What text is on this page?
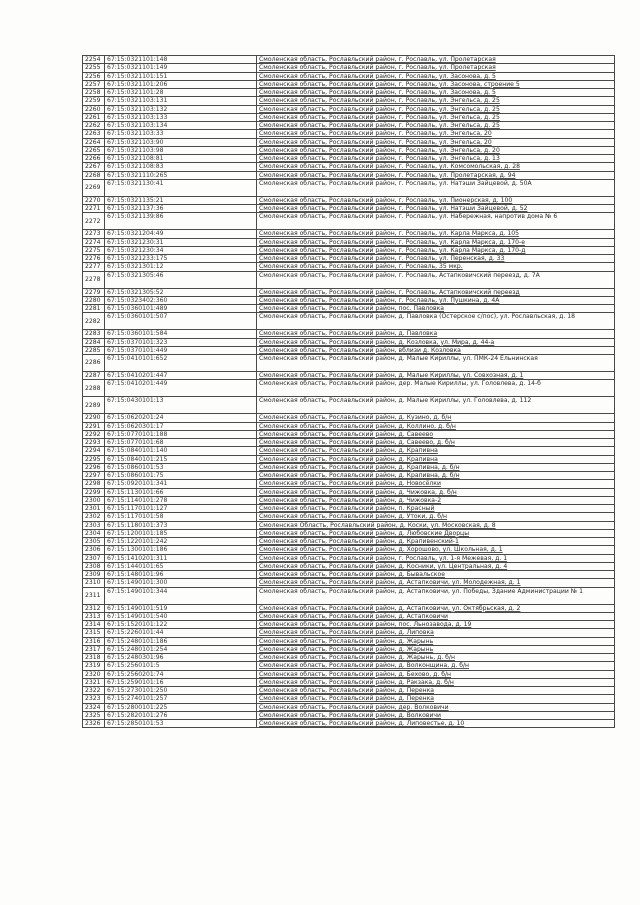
2254	67:15:0321101:148	Смоленская область, Рославльский район, г. Рославль, ул. Пролетарская
2255	67:15:0321101:149	Смоленская область, Рославльский район, г. Рославль, ул. Пролетарская
2256	67:15:0321101:151	Смоленская область, Рославльский район, г. Рославль, ул. Засонова, д. 5
2257	67:15:0321101:206	Смоленская область, Рославльский район, г. Рославль, ул. Засонова, строение 5
2258	67:15:0321101:28	Смоленская область, Рославльский район, г. Рославль, ул. Засонова, д. 5
2259	67:15:0321103:131	Смоленская область, Рославльский район, г. Рославль, ул. Энгельса, д. 25
2260	67:15:0321103:132	Смоленская область, Рославльский район, г. Рославль, ул. Энгельса, д. 25
2261	67:15:0321103:133	Смоленская область, Рославльский район, г. Рославль, ул. Энгельса, д. 25
2262	67:15:0321103:134	Смоленская область, Рославльский район, г. Рославль, ул. Энгельса, д. 25
2263	67:15:0321103:33	Смоленская область, Рославльский район, г. Рославль, ул. Энгельса, 20
2264	67:15:0321103:90	Смоленская область, Рославльский район, г. Рославль, ул. Энгельса, 20
2265	67:15:0321103:98	Смоленская область, Рославльский район, г. Рославль, ул. Энгельса, д. 20
2266	67:15:0321108:81	Смоленская область, Рославльский район, г. Рославль, ул. Энгельса, д. 13
2267	67:15:0321108:83	Смоленская область, Рославльский район, г. Рославль, ул. Комсомольская, д. 28
2268	67:15:0321110:265	Смоленская область, Рославльский район, г. Рославль, ул. Пролетарская, д. 94
2269	67:15:0321130:41	Смоленская область, Рославльский район, г. Рославль, ул. Натэши Зайцевой, д. 50А
2270	67:15:0321135:21	Смоленская область, Рославльский район, г. Рославль, ул. Пионерская, д. 100
2271	67:15:0321137:36	Смоленская область, Рославльский район, г. Рославль, ул. Натэши Зайцевой, д. 52
2272	67:15:0321139:86	Смоленская область, Рославльский район, г. Рославль, ул. Набережная, напротив дома № 6
2273	67:15:0321204:49	Смоленская область, Рославльский район, г. Рославль, ул. Карла Маркса, д. 105
2274	67:15:0321230:31	Смоленская область, Рославльский район, г. Рославль, ул. Карла Маркса, д. 170-е
2275	67:15:0321230:34	Смоленская область, Рославльский район, г. Рославль, ул. Карла Маркса, д. 170-д
2276	67:15:0321233:175	Смоленская область, Рославльский район, г. Рославль, ул. Перенская, д. 33
2277	67:15:0321301:12	Смоленская область, Рославльский район, г. Рославль, 35 мкр.
2278	67:15:0321305:46	Смоленская область, Рославльский район, г. Рославль, Астапковичский переезд, д. 7А
2279	67:15:0321305:52	Смоленская область, Рославльский район, г. Рославль, Астапковичский переезд
2280	67:15:0323402:360	Смоленская область, Рославльский район, г. Рославль, ул. Пушкина, д. 4А
2281	67:15:0360101:489	Смоленская область, Рославльский район, пос. Павловка
2282	67:15:0360101:507	Смоленская область, Рославльский район, д. Павловка (Остерское с/пос), ул. Рославльская, д. 18
2283	67:15:0360101:584	Смоленская область, Рославльский район, д. Павловка
2284	67:15:0370101:323	Смоленская область, Рославльский район, д. Козловка, ул. Мира, д. 44-а
2285	67:15:0370101:449	Смоленская область, Рославльский район, вблизи д. Козловка
2286	67:15:0410101:652	Смоленская область, Рославльский район, д. Малые Кириллы, ул. ПМК-24 Ельнинская
2287	67:15:0410201:447	Смоленская область, Рославльский район, д. Малые Кириллы, ул. Совхозная, д. 1
2288	67:15:0410201:449	Смоленская область, Рославльский район, дер. Малые Кириллы, ул. Головлева, д. 14-б
2289	67:15:0430101:13	Смоленская область, Рославльский район, д. Малые Кириллы, ул. Головлева, д. 112
2290	67:15:0620201:24	Смоленская область, Рославльский район, д. Кузино, д. б/н
2291	67:15:0620301:17	Смоленская область, Рославльский район, д. Коллино, д. б/н
2292	67:15:0770101:188	Смоленская область, Рославльский район, д. Савеево
2293	67:15:0770101:68	Смоленская область, Рославльский район, д. Савеево, д. б/н
2294	67:15:0840101:140	Смоленская область, Рославльский район, д. Крапивна
2295	67:15:0840101:215	Смоленская область, Рославльский район, д. Крапивна
2296	67:15:0860101:53	Смоленская область, Рославльский район, д. Крапивна, д. б/н
2297	67:15:0860101:75	Смоленская область, Рославльский район, д. Крапивна, д. б/н
2298	67:15:0920101:341	Смоленская область, Рославльский район, д. Новосёлки
2299	67:15:1130101:66	Смоленская область, Рославльский район, д. Чижовка, д. б/н
2300	67:15:1140101:278	Смоленская область, Рославльский район, д. Чижовка-2
2301	67:15:1170101:127	Смоленская область, Рославльский район, п. Красный
2302	67:15:1170101:58	Смоленская область, Рославльский район, д. Утоки, д. б/н
2303	67:15:1180101:373	Смоленская Область, Рославльский район, д. Коски, ул. Московская, д. 8
2304	67:15:1200101:185	Смоленская область, Рославльский район, д. Любовские Дворцы
2305	67:15:1220101:242	Смоленская область, Рославльский район, д. Крапивенский-1
2306	67:15:1300101:186	Смоленская область, Рославльский район, д. Хорошово, ул. Школьная, д. 1
2307	67:15:1410201:311	Смоленская область, Рославльский район, г. Рославль, ул. 1-я Межевая, д. 1
2308	67:15:1440101:65	Смоленская область, Рославльский район, д. Косники, ул. Центральная, д. 4
2309	67:15:1480101:96	Смоленская область, Рославльский район, д. Бывальское
2310	67:15:1490101:300	Смоленская область, Рославльский район, д. Астапковичи, ул. Молодежная, д. 1
2311	67:15:1490101:344	Смоленская область, Рославльский район, д. Астапковичи, ул. Победы, Здание Администрации № 1
2312	67:15:1490101:519	Смоленская область, Рославльский район, д. Астапковичи, ул. Октябрьская, д. 2
2313	67:15:1490101:540	Смоленская область, Рославльский район, д. Астапковичи
2314	67:15:1520101:122	Смоленская область, Рославльский район, пос. Льнозавода, д. 19
2315	67:15:2260101:44	Смоленская область, Рославльский район, д. Липовка
2316	67:15:2480101:186	Смоленская область, Рославльский район, д. Жарынь
2317	67:15:2480101:254	Смоленская область, Рославльский район, д. Жарынь
2318	67:15:2480301:96	Смоленская область, Рославльский район, д. Жарынь, д. б/н
2319	67:15:2560101:5	Смоленская область, Рославльский район, д. Волконщина, д. б/н
2320	67:15:2560201:74	Смоленская область, Рославльский район, д. Бехово, д. б/н
2321	67:15:2590101:16	Смоленская область, Рославльский район, д. Ракзака, д. б/н
2322	67:15:2730101:250	Смоленская область, Рославльский район, д. Перенка
2323	67:15:2740101:257	Смоленская область, Рославльский район, д. Перенка
2324	67:15:2800101:225	Смоленская область, Рославльский район, дер. Волковичи
2325	67:15:2820101:276	Смоленская область, Рославльский район, д. Волковичи
2326	67:15:2850101:53	Смоленская область, Рославльский район, д. Липовестье, д. 10
